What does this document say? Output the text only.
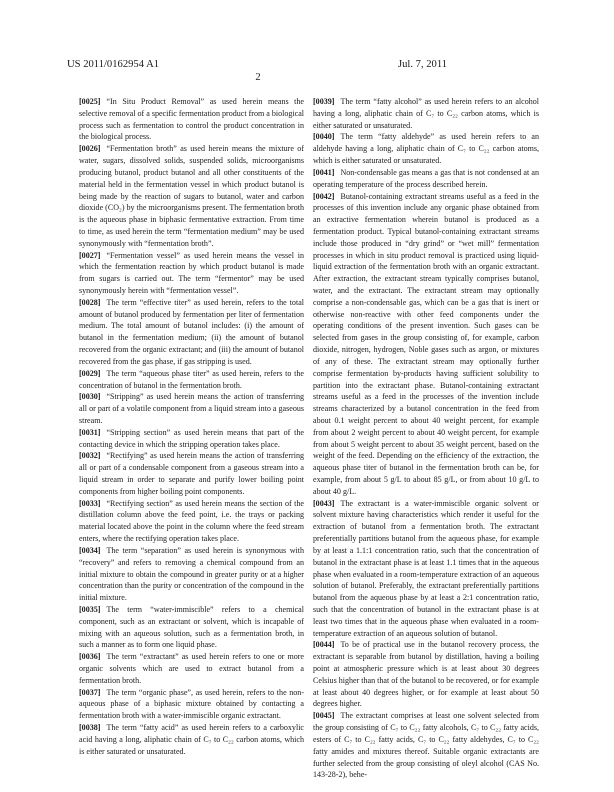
US 2011/0162954 A1	Jul. 7, 2011
2

[0025] “In Situ Product Removal” as used herein means the selective removal of a specific fermentation product from a biological process such as fermentation to control the product concentration in the biological process.

[0026] “Fermentation broth” as used herein means the mixture of water, sugars, dissolved solids, suspended solids, microorganisms producing butanol, product butanol and all other constituents of the material held in the fermentation vessel in which product butanol is being made by the reaction of sugars to butanol, water and carbon dioxide (CO₂) by the microorganisms present. The fermentation broth is the aqueous phase in biphasic fermentative extraction. From time to time, as used herein the term “fermentation medium” may be used synonymously with “fermentation broth”.

[0027] “Fermentation vessel” as used herein means the vessel in which the fermentation reaction by which product butanol is made from sugars is carried out. The term “fermentor” may be used synonymously herein with “fermentation vessel”.

[0028] The term “effective titer” as used herein, refers to the total amount of butanol produced by fermentation per liter of fermentation medium. The total amount of butanol includes: (i) the amount of butanol in the fermentation medium; (ii) the amount of butanol recovered from the organic extractant; and (iii) the amount of butanol recovered from the gas phase, if gas stripping is used.

[0029] The term “aqueous phase titer” as used herein, refers to the concentration of butanol in the fermentation broth.

[0030] “Stripping” as used herein means the action of transferring all or part of a volatile component from a liquid stream into a gaseous stream.

[0031] “Stripping section” as used herein means that part of the contacting device in which the stripping operation takes place.

[0032] “Rectifying” as used herein means the action of transferring all or part of a condensable component from a gaseous stream into a liquid stream in order to separate and purify lower boiling point components from higher boiling point components.

[0033] “Rectifying section” as used herein means the section of the distillation column above the feed point, i.e. the trays or packing material located above the point in the column where the feed stream enters, where the rectifying operation takes place.

[0034] The term “separation” as used herein is synonymous with “recovery” and refers to removing a chemical compound from an initial mixture to obtain the compound in greater purity or at a higher concentration than the purity or concentration of the compound in the initial mixture.

[0035] The term “water-immiscible” refers to a chemical component, such as an extractant or solvent, which is incapable of mixing with an aqueous solution, such as a fermentation broth, in such a manner as to form one liquid phase.

[0036] The term “extractant” as used herein refers to one or more organic solvents which are used to extract butanol from a fermentation broth.

[0037] The term “organic phase”, as used herein, refers to the non-aqueous phase of a biphasic mixture obtained by contacting a fermentation broth with a water-immiscible organic extractant.

[0038] The term “fatty acid” as used herein refers to a carboxylic acid having a long, aliphatic chain of C₇ to C₂₂ carbon atoms, which is either saturated or unsaturated.

[0039] The term “fatty alcohol” as used herein refers to an alcohol having a long, aliphatic chain of C₇ to C₂₂ carbon atoms, which is either saturated or unsaturated.

[0040] The term “fatty aldehyde” as used herein refers to an aldehyde having a long, aliphatic chain of C₇ to C₂₂ carbon atoms, which is either saturated or unsaturated.

[0041] Non-condensable gas means a gas that is not condensed at an operating temperature of the process described herein.

[0042] Butanol-containing extractant streams useful as a feed in the processes of this invention include any organic phase obtained from an extractive fermentation wherein butanol is produced as a fermentation product. Typical butanol-containing extractant streams include those produced in “dry grind” or “wet mill” fermentation processes in which in situ product removal is practiced using liquid-liquid extraction of the fermentation broth with an organic extractant. After extraction, the extractant stream typically comprises butanol, water, and the extractant. The extractant stream may optionally comprise a non-condensable gas, which can be a gas that is inert or otherwise non-reactive with other feed components under the operating conditions of the present invention. Such gases can be selected from gases in the group consisting of, for example, carbon dioxide, nitrogen, hydrogen, Noble gases such as argon, or mixtures of any of these. The extractant stream may optionally further comprise fermentation by-products having sufficient solubility to partition into the extractant phase. Butanol-containing extractant streams useful as a feed in the processes of the invention include streams characterized by a butanol concentration in the feed from about 0.1 weight percent to about 40 weight percent, for example from about 2 weight percent to about 40 weight percent, for example from about 5 weight percent to about 35 weight percent, based on the weight of the feed. Depending on the efficiency of the extraction, the aqueous phase titer of butanol in the fermentation broth can be, for example, from about 5 g/L to about 85 g/L, or from about 10 g/L to about 40 g/L.

[0043] The extractant is a water-immiscible organic solvent or solvent mixture having characteristics which render it useful for the extraction of butanol from a fermentation broth. The extractant preferentially partitions butanol from the aqueous phase, for example by at least a 1.1:1 concentration ratio, such that the concentration of butanol in the extractant phase is at least 1.1 times that in the aqueous phase when evaluated in a room-temperature extraction of an aqueous solution of butanol. Preferably, the extractant preferentially partitions butanol from the aqueous phase by at least a 2:1 concentration ratio, such that the concentration of butanol in the extractant phase is at least two times that in the aqueous phase when evaluated in a room-temperature extraction of an aqueous solution of butanol.

[0044] To be of practical use in the butanol recovery process, the extractant is separable from butanol by distillation, having a boiling point at atmospheric pressure which is at least about 30 degrees Celsius higher than that of the butanol to be recovered, or for example at least about 40 degrees higher, or for example at least about 50 degrees higher.

[0045] The extractant comprises at least one solvent selected from the group consisting of C₇ to C₂₂ fatty alcohols, C₇ to C₂₂ fatty acids, esters of C₇ to C₂₂ fatty acids, C₇ to C₂₂ fatty aldehydes, C₇ to C₂₂ fatty amides and mixtures thereof. Suitable organic extractants are further selected from the group consisting of oleyl alcohol (CAS No. 143-28-2), behe-
